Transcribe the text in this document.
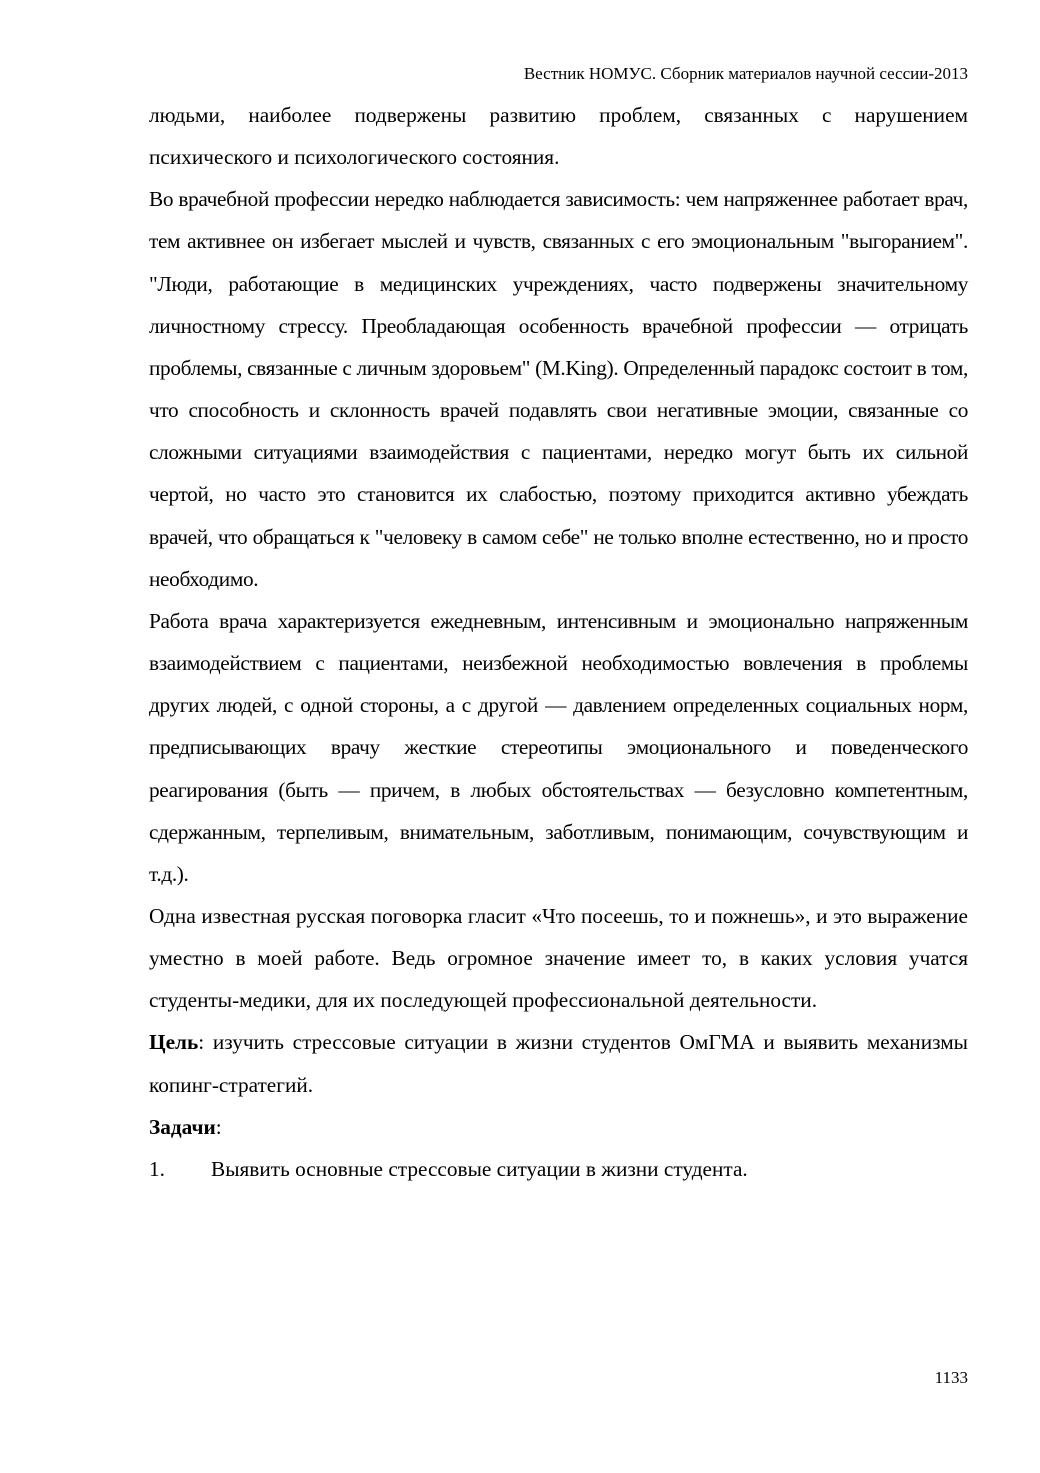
Вестник НОМУС. Сборник материалов научной сессии-2013

людьми, наиболее подвержены развитию проблем, связанных с нарушением психического и психологического состояния.

Во врачебной профессии нередко наблюдается зависимость: чем напряженнее работает врач, тем активнее он избегает мыслей и чувств, связанных с его эмоциональным "выгоранием". "Люди, работающие в медицинских учреждениях, часто подвержены значительному личностному стрессу. Преобладающая особенность врачебной профессии — отрицать проблемы, связанные с личным здоровьем" (M.King). Определенный парадокс состоит в том, что способность и склонность врачей подавлять свои негативные эмоции, связанные со сложными ситуациями взаимодействия с пациентами, нередко могут быть их сильной чертой, но часто это становится их слабостью, поэтому приходится активно убеждать врачей, что обращаться к "человеку в самом себе" не только вполне естественно, но и просто необходимо.

Работа врача характеризуется ежедневным, интенсивным и эмоционально напряженным взаимодействием с пациентами, неизбежной необходимостью вовлечения в проблемы других людей, с одной стороны, а с другой — давлением определенных социальных норм, предписывающих врачу жесткие стереотипы эмоционального и поведенческого реагирования (быть — причем, в любых обстоятельствах — безусловно компетентным, сдержанным, терпеливым, внимательным, заботливым, понимающим, сочувствующим и т.д.).

Одна известная русская поговорка гласит «Что посеешь, то и пожнешь», и это выражение уместно в моей работе. Ведь огромное значение имеет то, в каких условия учатся студенты-медики, для их последующей профессиональной деятельности.

Цель: изучить стрессовые ситуации в жизни студентов ОмГМА и выявить механизмы копинг-стратегий.

Задачи:

1.	Выявить основные стрессовые ситуации в жизни студента.
1133
